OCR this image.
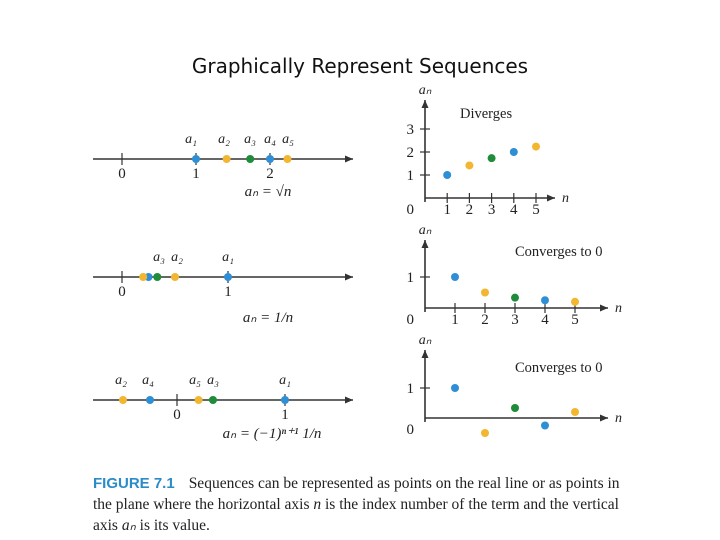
Graphically Represent Sequences
0	1	2
a₁ a₂ a₃ a₄ a₅
aₙ = √n
0	1
a₃ a₂	a₁
aₙ = 1/n
0	1
a₂ a₄	a₅ a₃	a₁
aₙ = (−1)ⁿ⁺¹ 1/n
aₙ
n
Diverges
0
1
2
3
1 2 3 4 5
aₙ
n
Converges to 0
0
1
1 2 3 4 5
aₙ
n
Converges to 0
0
1
FIGURE 7.1 Sequences can be represented as points on the real line or as points in the plane where the horizontal axis n is the index number of the term and the vertical axis aₙ is its value.
